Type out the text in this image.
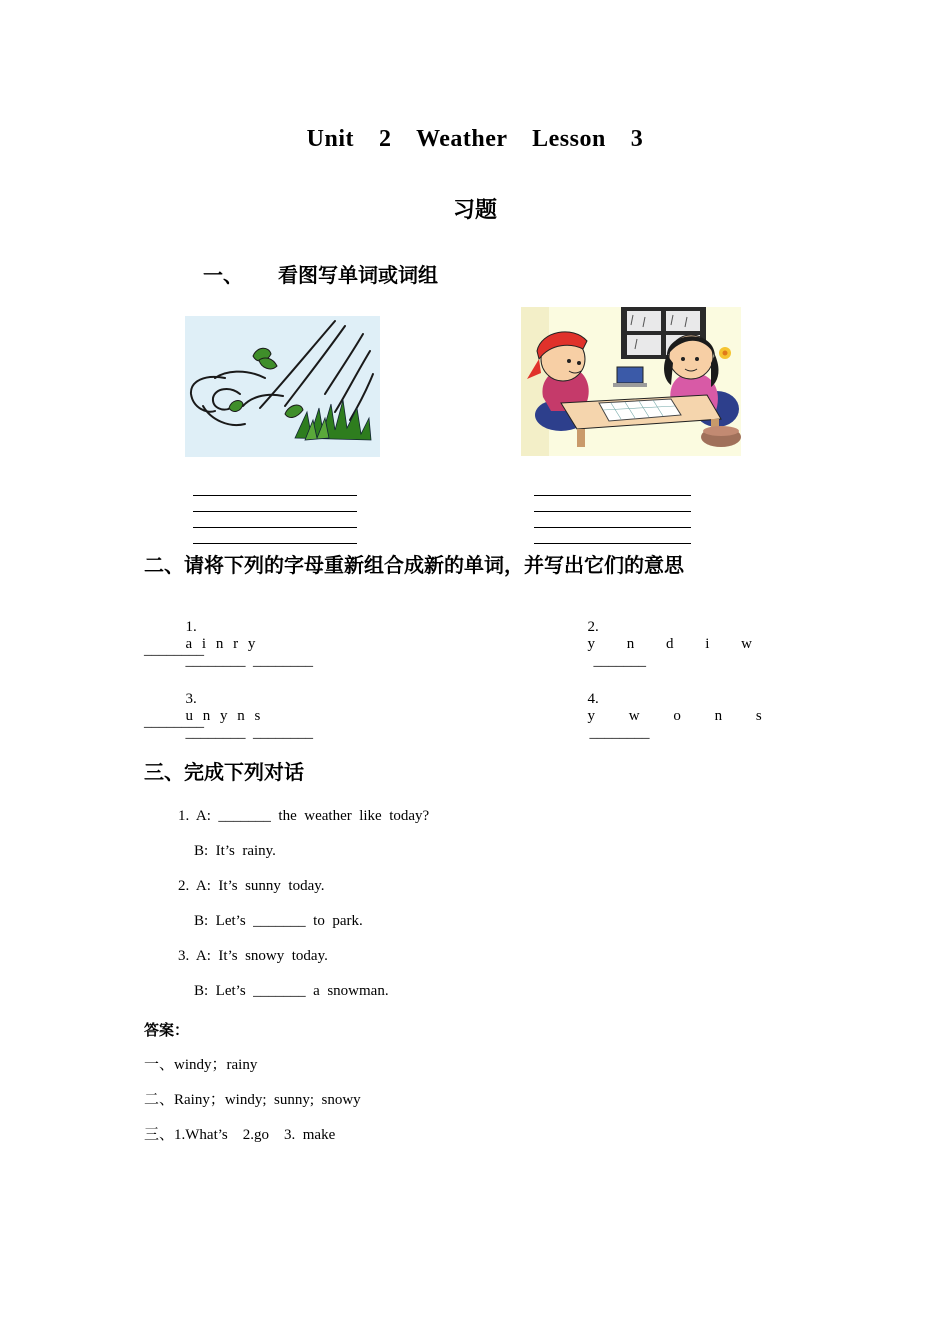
Unit  2  Weather  Lesson  3
习题
一、 看图写单词或词组
二、请将下列的字母重新组合成新的单词，并写出它们的意思

1.
a i n r y
________  ________

2.
y n d i w
_______

________

3.
u n y n s
________  ________

4.
y w o n s
________

________
三、完成下列对话
1.  A:  _______  the  weather  like  today?
B:  It’s  rainy.
2.  A:  It’s  sunny  today.
B:  Let’s  _______  to  park.
3.  A:  It’s  snowy  today.
B:  Let’s  _______  a  snowman.
答案：
一、windy；rainy
二、Rainy；windy;  sunny;  snowy
三、1.What’s    2.go    3.  make
